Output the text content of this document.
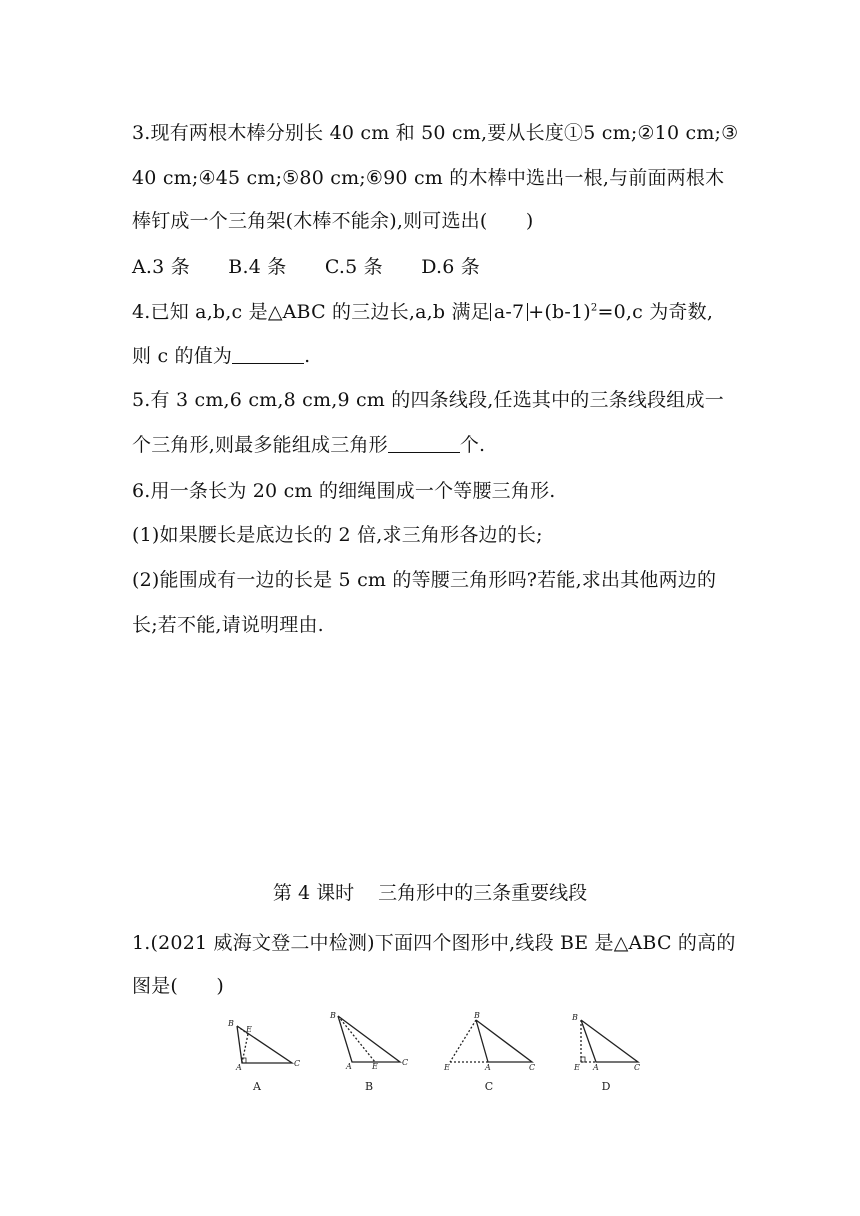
3.现有两根木棒分别长 40 cm 和 50 cm,要从长度①5 cm;②10 cm;③
40 cm;④45 cm;⑤80 cm;⑥90 cm 的木棒中选出一根,与前面两根木
棒钉成一个三角架(木棒不能余),则可选出(　　)
A.3 条　　B.4 条　　C.5 条　　D.6 条
4.已知 a,b,c 是△ABC 的三边长,a,b 满足 $a-7 +(b-1)^2=0,c$ 为奇数,
则 c 的值为	.
5.有 3 cm,6 cm,8 cm,9 cm 的四条线段,任选其中的三条线段组成一
个三角形,则最多能组成三角形	个.
6.用一条长为 20 cm 的细绳围成一个等腰三角形.
(1)如果腰长是底边长的 2 倍,求三角形各边的长;
(2)能围成有一边的长是 5 cm 的等腰三角形吗?若能,求出其他两边的
长;若不能,请说明理由.
第 4 课时 三角形中的三条重要线段
1.(2021 威海文登二中检测)下面四个图形中,线段 BE 是△ABC 的高的
图是(　　)
B
E
A	C
B
A	E	C
B
E	A	C
B
E A	C
A	B	C	D
